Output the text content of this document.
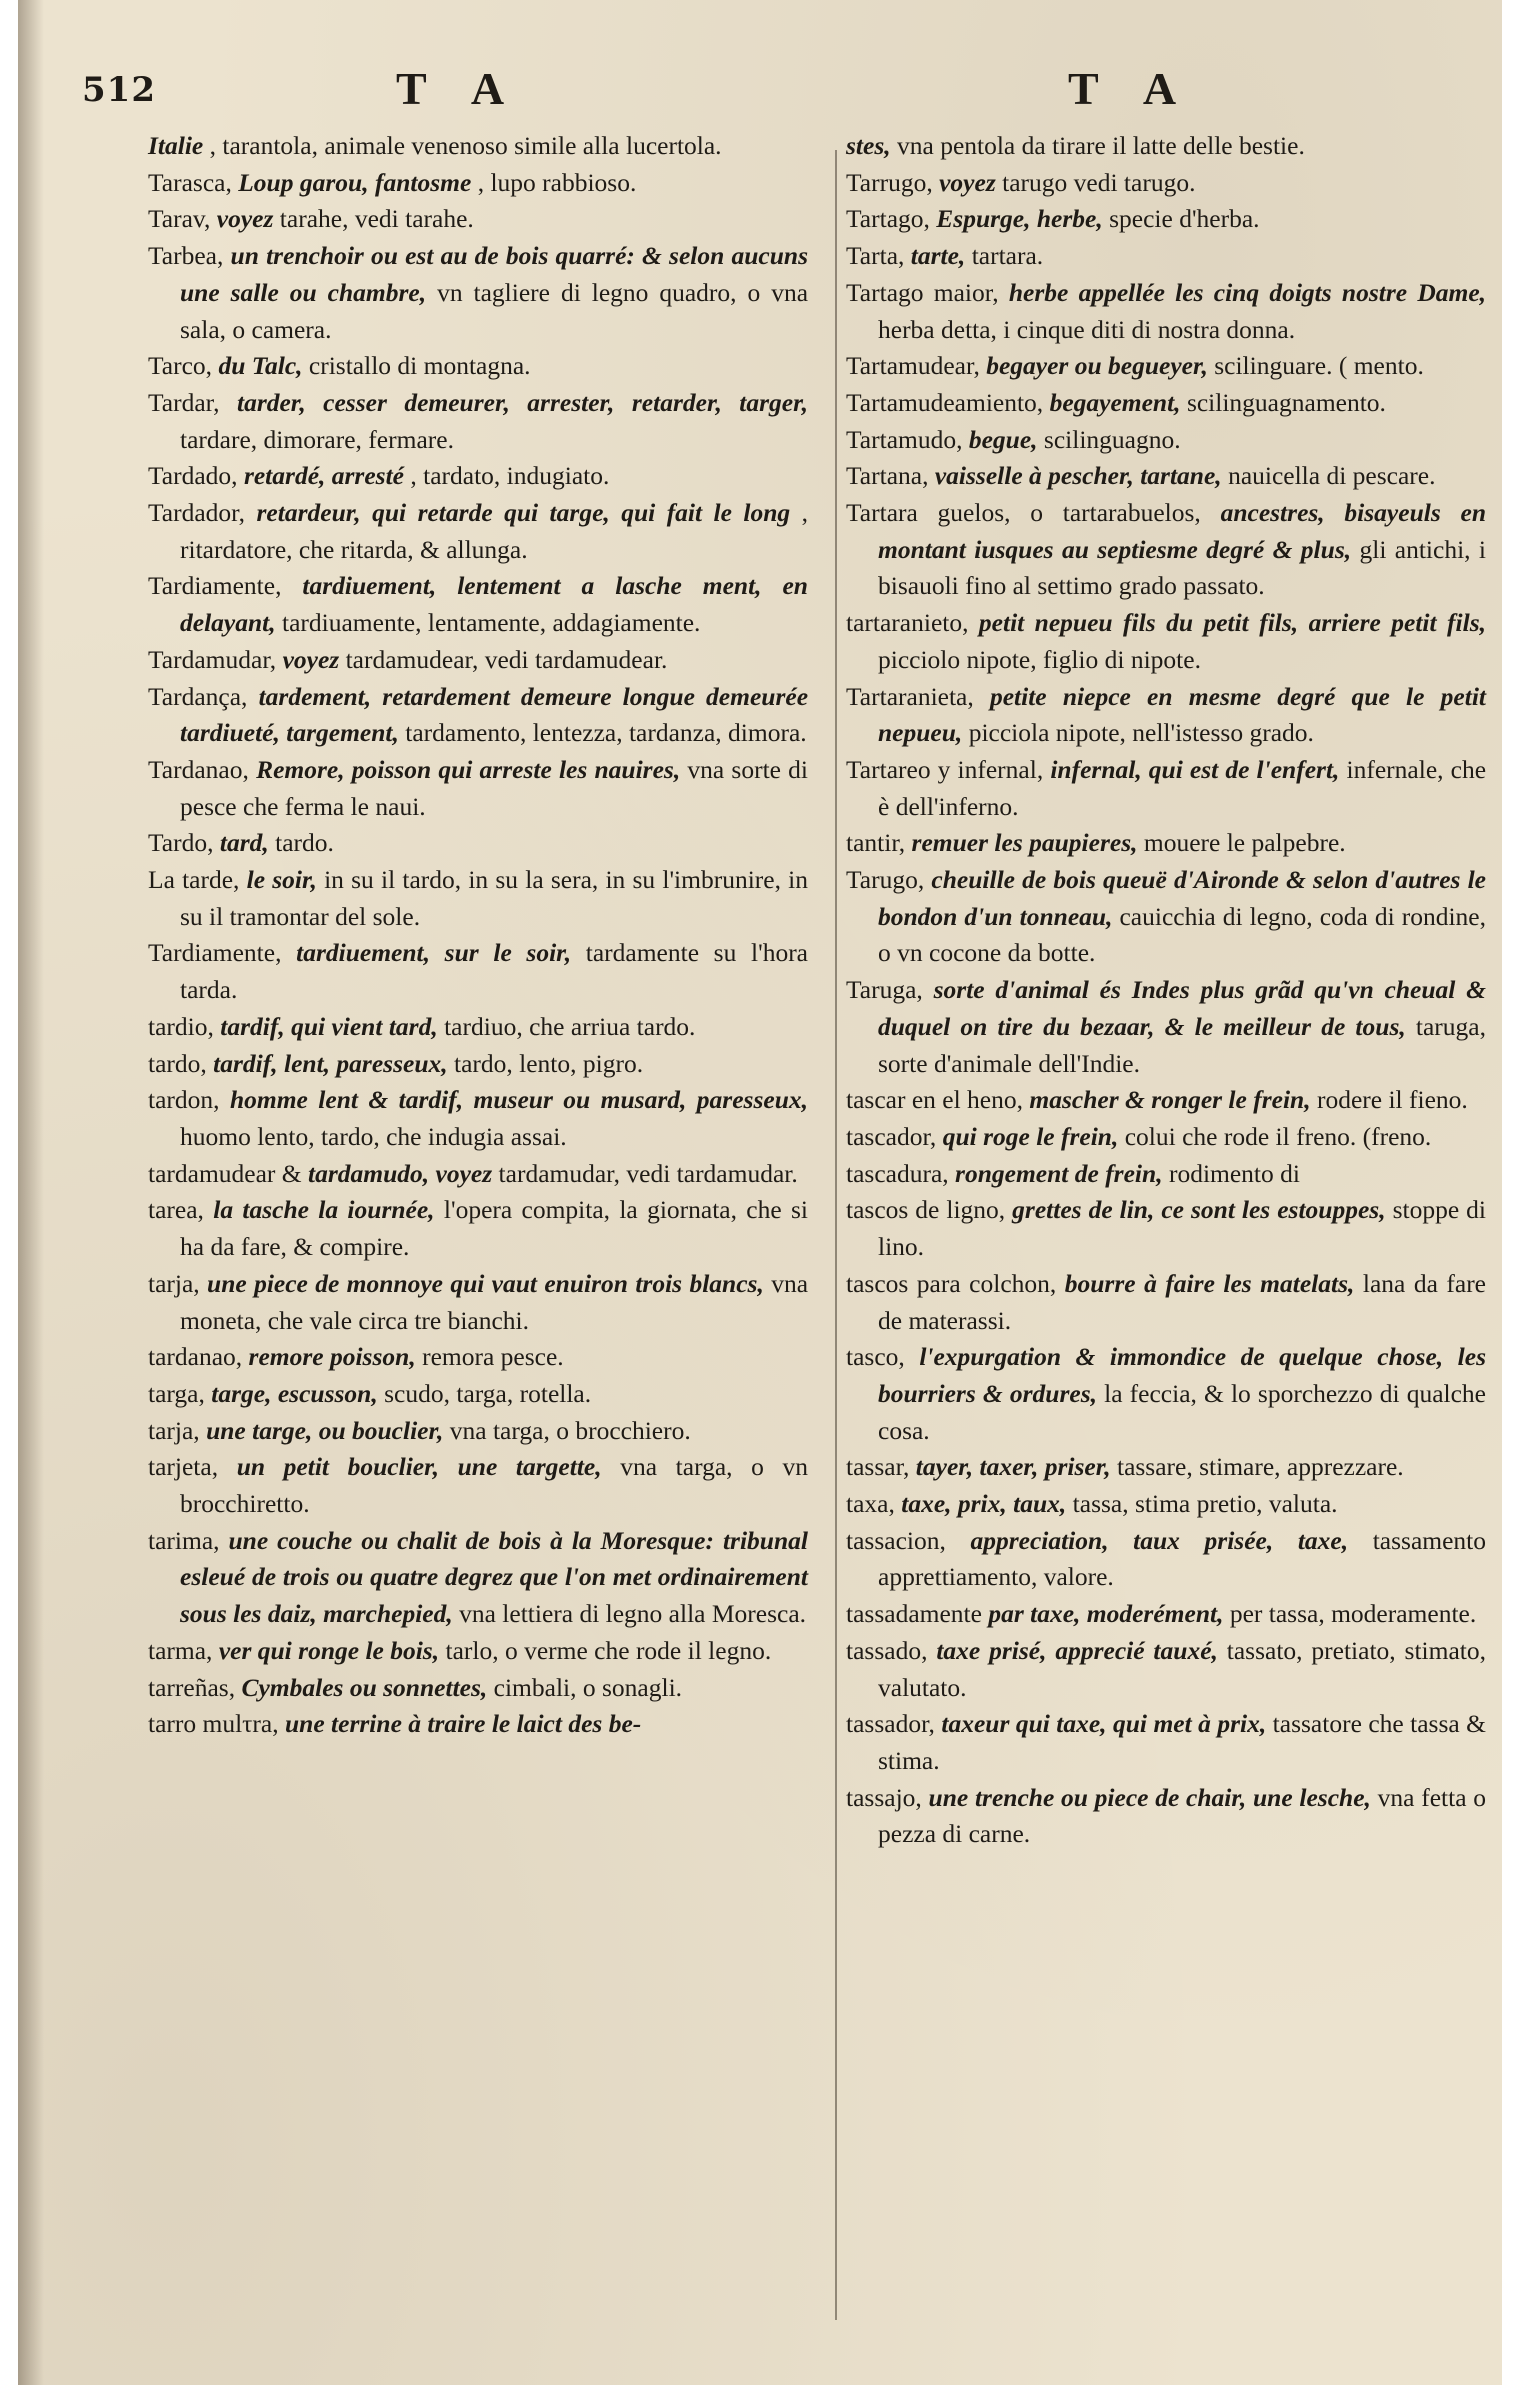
512	T A	T A

Italie , tarantola, animale venenoso simile alla lucertola.

Tarasca, Loup garou, fantosme , lupo rabbioso.

Tarav, voyez tarahe, vedi tarahe.

Tarbea, un trenchoir ou est au de bois quarré: & selon aucuns une salle ou chambre, vn tagliere di legno quadro, o vna sala, o camera.

Tarco, du Talc, cristallo di montagna.

Tardar, tarder, cesser demeurer, arrester, retarder, targer, tardare, dimorare, fermare.

Tardado, retardé, arresté , tardato, indugiato.

Tardador, retardeur, qui retarde qui targe, qui fait le long , ritardatore, che ritarda, & allunga.

Tardiamente, tardiuement, lentement a lasche ment, en delayant, tardiuamente, lentamente, addagiamente.

Tardamudar, voyez tardamudear, vedi tardamudear.

Tardança, tardement, retardement demeure longue demeurée tardiueté, targement, tardamento, lentezza, tardanza, dimora.

Tardanao, Remore, poisson qui arreste les nauires, vna sorte di pesce che ferma le naui.

Tardo, tard, tardo.

La tarde, le soir, in su il tardo, in su la sera, in su l'imbrunire, in su il tramontar del sole.

Tardiamente, tardiuement, sur le soir, tardamente su l'hora tarda.

tardio, tardif, qui vient tard, tardiuo, che arriua tardo.

tardo, tardif, lent, paresseux, tardo, lento, pigro.

tardon, homme lent & tardif, museur ou musard, paresseux, huomo lento, tardo, che indugia assai.

tardamudear & tardamudo, voyez tardamudar, vedi tardamudar.

tarea, la tasche la iournée, l'opera compita, la giornata, che si ha da fare, & compire.

tarja, une piece de monnoye qui vaut enuiron trois blancs, vna moneta, che vale circa tre bianchi.

tardanao, remore poisson, remora pesce.

targa, targe, escusson, scudo, targa, rotella.

tarja, une targe, ou bouclier, vna targa, o brocchiero.

tarjeta, un petit bouclier, une targette, vna targa, o vn brocchiretto.

tarima, une couche ou chalit de bois à la Moresque: tribunal esleué de trois ou quatre degrez que l'on met ordinairement sous les daiz, marchepied, vna lettiera di legno alla Moresca.

tarma, ver qui ronge le bois, tarlo, o verme che rode il legno.

tarreñas, Cymbales ou sonnettes, cimbali, o sonagli.

tarro mulτra, une terrine à traire le laict des be-

stes, vna pentola da tirare il latte delle bestie.

Tarrugo, voyez tarugo vedi tarugo.

Tartago, Espurge, herbe, specie d'herba.

Tarta, tarte, tartara.

Tartago maior, herbe appellée les cinq doigts nostre Dame, herba detta, i cinque diti di nostra donna.

Tartamudear, begayer ou begueyer, scilinguare. ( mento.

Tartamudeamiento, begayement, scilinguagnamento.

Tartamudo, begue, scilinguagno.

Tartana, vaisselle à pescher, tartane, nauicella di pescare.

Tartara guelos, o tartarabuelos, ancestres, bisayeuls en montant iusques au septiesme degré & plus, gli antichi, i bisauoli fino al settimo grado passato.

tartaranieto, petit nepueu fils du petit fils, arriere petit fils, picciolo nipote, figlio di nipote.

Tartaranieta, petite niepce en mesme degré que le petit nepueu, picciola nipote, nell'istesso grado.

Tartareo y infernal, infernal, qui est de l'enfert, infernale, che è dell'inferno.

tantir, remuer les paupieres, mouere le palpebre.

Tarugo, cheuille de bois queuë d'Aironde & selon d'autres le bondon d'un tonneau, cauicchia di legno, coda di rondine, o vn cocone da botte.

Taruga, sorte d'animal és Indes plus grãd qu'vn cheual & duquel on tire du bezaar, & le meilleur de tous, taruga, sorte d'animale dell'Indie.

tascar en el heno, mascher & ronger le frein, rodere il fieno.

tascador, qui roge le frein, colui che rode il freno. (freno.

tascadura, rongement de frein, rodimento di

tascos de ligno, grettes de lin, ce sont les estouppes, stoppe di lino.

tascos para colchon, bourre à faire les matelats, lana da fare de materassi.

tasco, l'expurgation & immondice de quelque chose, les bourriers & ordures, la feccia, & lo sporchezzo di qualche cosa.

tassar, tayer, taxer, priser, tassare, stimare, apprezzare.

taxa, taxe, prix, taux, tassa, stima pretio, valuta.

tassacion, appreciation, taux prisée, taxe, tassamento apprettiamento, valore.

tassadamente par taxe, moderément, per tassa, moderamente.

tassado, taxe prisé, apprecié tauxé, tassato, pretiato, stimato, valutato.

tassador, taxeur qui taxe, qui met à prix, tassatore che tassa & stima.

tassajo, une trenche ou piece de chair, une lesche, vna fetta o pezza di carne.
